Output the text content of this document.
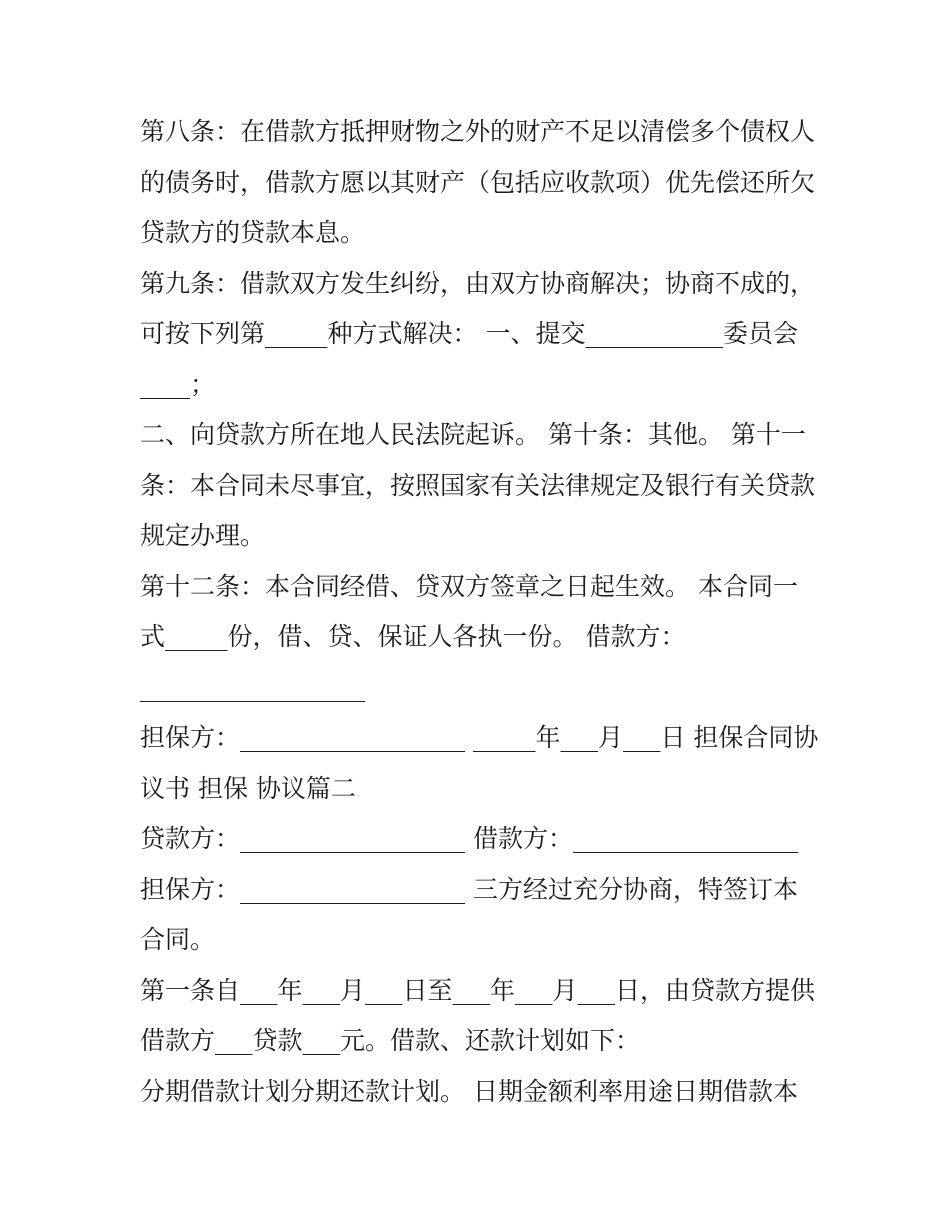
第八条：在借款方抵押财物之外的财产不足以清偿多个债权人
的债务时，借款方愿以其财产（包括应收款项）优先偿还所欠
贷款方的贷款本息。
第九条：借款双方发生纠纷，由双方协商解决；协商不成的，
可按下列第_____种方式解决： 一、提交___________委员会
____；
二、向贷款方所在地人民法院起诉。 第十条：其他。 第十一
条：本合同未尽事宜，按照国家有关法律规定及银行有关贷款
规定办理。
第十二条：本合同经借、贷双方签章之日起生效。 本合同一
式_____份，借、贷、保证人各执一份。 借款方：
__________________
担保方：__________________ _____年___月___日 担保合同协
议书 担保 协议篇二
贷款方：__________________ 借款方：__________________
担保方：__________________ 三方经过充分协商，特签订本
合同。
第一条自___年___月___日至___年___月___日，由贷款方提供
借款方___贷款___元。借款、还款计划如下：
分期借款计划分期还款计划。 日期金额利率用途日期借款本
